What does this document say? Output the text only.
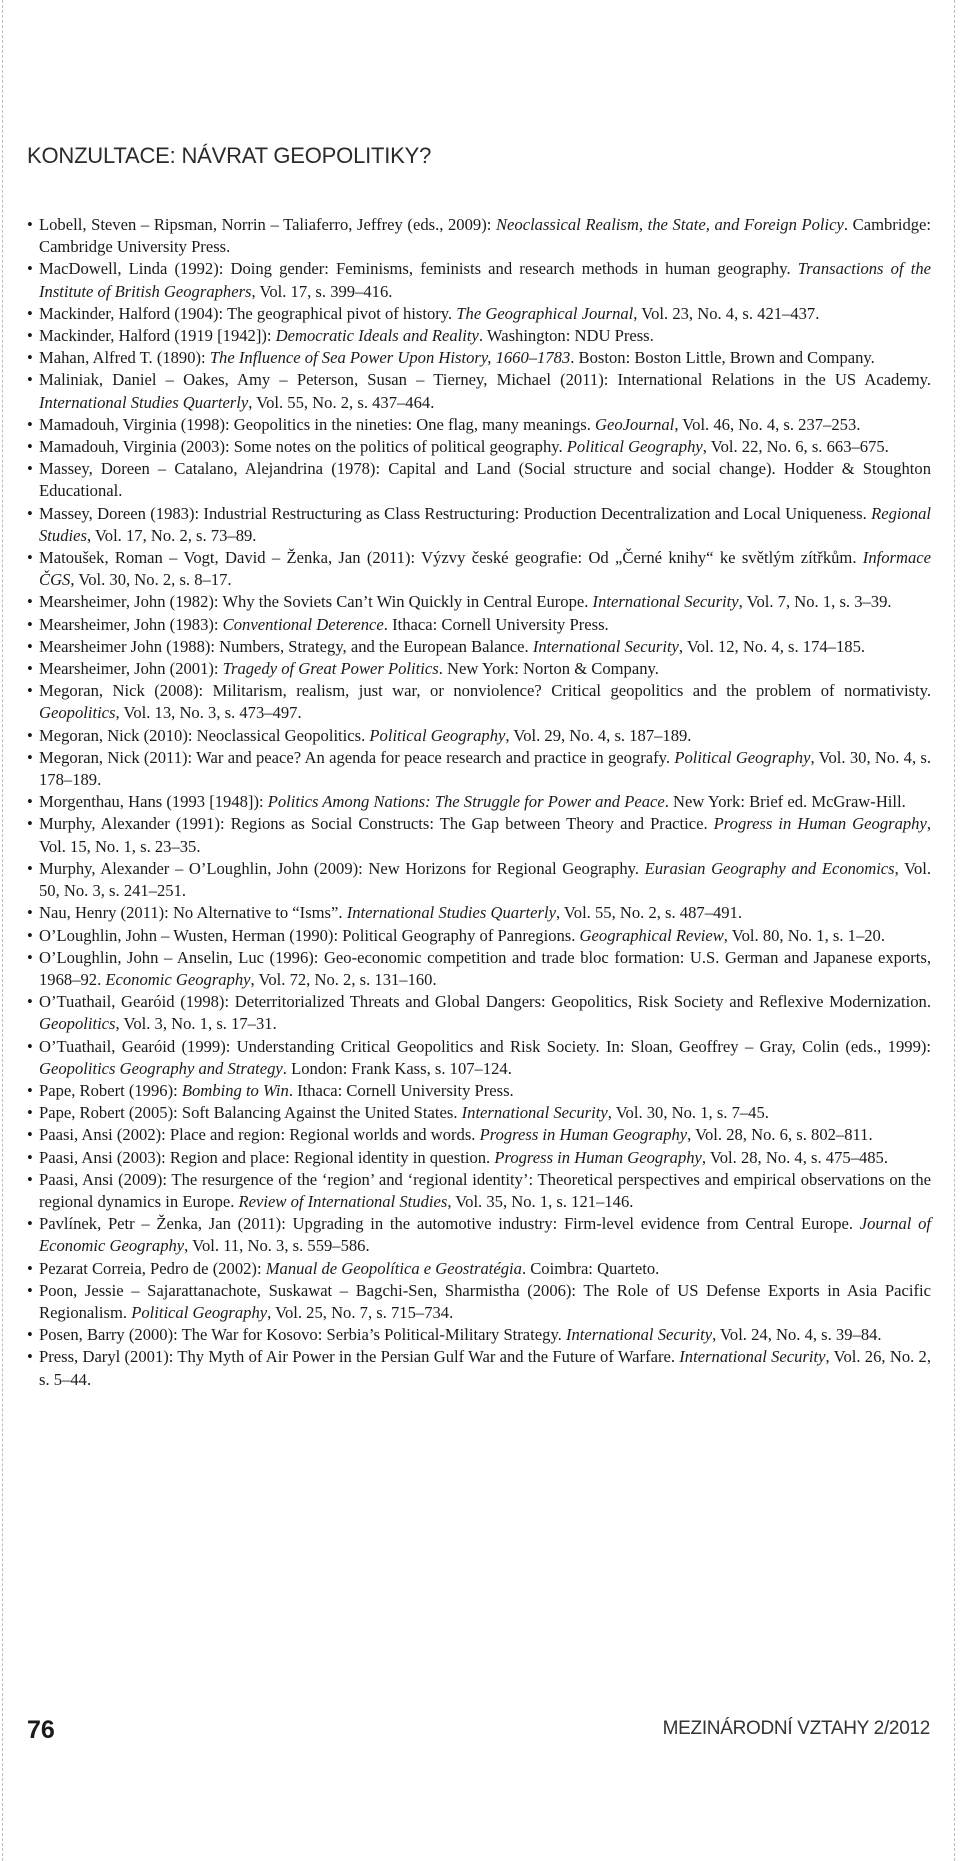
KONZULTACE: NÁVRAT GEOPOLITIKY?
• Lobell, Steven – Ripsman, Norrin – Taliaferro, Jeffrey (eds., 2009): Neoclassical Realism, the State, and Foreign Policy. Cambridge: Cambridge University Press.
• MacDowell, Linda (1992): Doing gender: Feminisms, feminists and research methods in human geography. Transactions of the Institute of British Geographers, Vol. 17, s. 399–416.
• Mackinder, Halford (1904): The geographical pivot of history. The Geographical Journal, Vol. 23, No. 4, s. 421–437.
• Mackinder, Halford (1919 [1942]): Democratic Ideals and Reality. Washington: NDU Press.
• Mahan, Alfred T. (1890): The Influence of Sea Power Upon History, 1660–1783. Boston: Boston Little, Brown and Company.
• Maliniak, Daniel – Oakes, Amy – Peterson, Susan – Tierney, Michael (2011): International Relations in the US Academy. International Studies Quarterly, Vol. 55, No. 2, s. 437–464.
• Mamadouh, Virginia (1998): Geopolitics in the nineties: One flag, many meanings. GeoJournal, Vol. 46, No. 4, s. 237–253.
• Mamadouh, Virginia (2003): Some notes on the politics of political geography. Political Geography, Vol. 22, No. 6, s. 663–675.
• Massey, Doreen – Catalano, Alejandrina (1978): Capital and Land (Social structure and social change). Hodder & Stoughton Educational.
• Massey, Doreen (1983): Industrial Restructuring as Class Restructuring: Production Decentralization and Local Uniqueness. Regional Studies, Vol. 17, No. 2, s. 73–89.
• Matoušek, Roman – Vogt, David – Ženka, Jan (2011): Výzvy české geografie: Od „Černé knihy“ ke světlým zítřkům. Informace ČGS, Vol. 30, No. 2, s. 8–17.
• Mearsheimer, John (1982): Why the Soviets Can’t Win Quickly in Central Europe. International Security, Vol. 7, No. 1, s. 3–39.
• Mearsheimer, John (1983): Conventional Deterence. Ithaca: Cornell University Press.
• Mearsheimer John (1988): Numbers, Strategy, and the European Balance. International Security, Vol. 12, No. 4, s. 174–185.
• Mearsheimer, John (2001): Tragedy of Great Power Politics. New York: Norton & Company.
• Megoran, Nick (2008): Militarism, realism, just war, or nonviolence? Critical geopolitics and the problem of normativisty. Geopolitics, Vol. 13, No. 3, s. 473–497.
• Megoran, Nick (2010): Neoclassical Geopolitics. Political Geography, Vol. 29, No. 4, s. 187–189.
• Megoran, Nick (2011): War and peace? An agenda for peace research and practice in geografy. Political Geography, Vol. 30, No. 4, s. 178–189.
• Morgenthau, Hans (1993 [1948]): Politics Among Nations: The Struggle for Power and Peace. New York: Brief ed. McGraw-Hill.
• Murphy, Alexander (1991): Regions as Social Constructs: The Gap between Theory and Practice. Progress in Human Geography, Vol. 15, No. 1, s. 23–35.
• Murphy, Alexander – O’Loughlin, John (2009): New Horizons for Regional Geography. Eurasian Geography and Economics, Vol. 50, No. 3, s. 241–251.
• Nau, Henry (2011): No Alternative to “Isms”. International Studies Quarterly, Vol. 55, No. 2, s. 487–491.
• O’Loughlin, John – Wusten, Herman (1990): Political Geography of Panregions. Geographical Review, Vol. 80, No. 1, s. 1–20.
• O’Loughlin, John – Anselin, Luc (1996): Geo-economic competition and trade bloc formation: U.S. German and Japanese exports, 1968–92. Economic Geography, Vol. 72, No. 2, s. 131–160.
• O’Tuathail, Gearóid (1998): Deterritorialized Threats and Global Dangers: Geopolitics, Risk Society and Reflexive Modernization. Geopolitics, Vol. 3, No. 1, s. 17–31.
• O’Tuathail, Gearóid (1999): Understanding Critical Geopolitics and Risk Society. In: Sloan, Geoffrey – Gray, Colin (eds., 1999): Geopolitics Geography and Strategy. London: Frank Kass, s. 107–124.
• Pape, Robert (1996): Bombing to Win. Ithaca: Cornell University Press.
• Pape, Robert (2005): Soft Balancing Against the United States. International Security, Vol. 30, No. 1, s. 7–45.
• Paasi, Ansi (2002): Place and region: Regional worlds and words. Progress in Human Geography, Vol. 28, No. 6, s. 802–811.
• Paasi, Ansi (2003): Region and place: Regional identity in question. Progress in Human Geography, Vol. 28, No. 4, s. 475–485.
• Paasi, Ansi (2009): The resurgence of the ‘region’ and ‘regional identity’: Theoretical perspectives and empirical observations on the regional dynamics in Europe. Review of International Studies, Vol. 35, No. 1, s. 121–146.
• Pavlínek, Petr – Ženka, Jan (2011): Upgrading in the automotive industry: Firm-level evidence from Central Europe. Journal of Economic Geography, Vol. 11, No. 3, s. 559–586.
• Pezarat Correia, Pedro de (2002): Manual de Geopolítica e Geostratégia. Coimbra: Quarteto.
• Poon, Jessie – Sajarattanachote, Suskawat – Bagchi-Sen, Sharmistha (2006): The Role of US Defense Exports in Asia Pacific Regionalism. Political Geography, Vol. 25, No. 7, s. 715–734.
• Posen, Barry (2000): The War for Kosovo: Serbia’s Political-Military Strategy. International Security, Vol. 24, No. 4, s. 39–84.
• Press, Daryl (2001): Thy Myth of Air Power in the Persian Gulf War and the Future of Warfare. International Security, Vol. 26, No. 2, s. 5–44.
76	MEZINÁRODNÍ VZTAHY 2/2012
